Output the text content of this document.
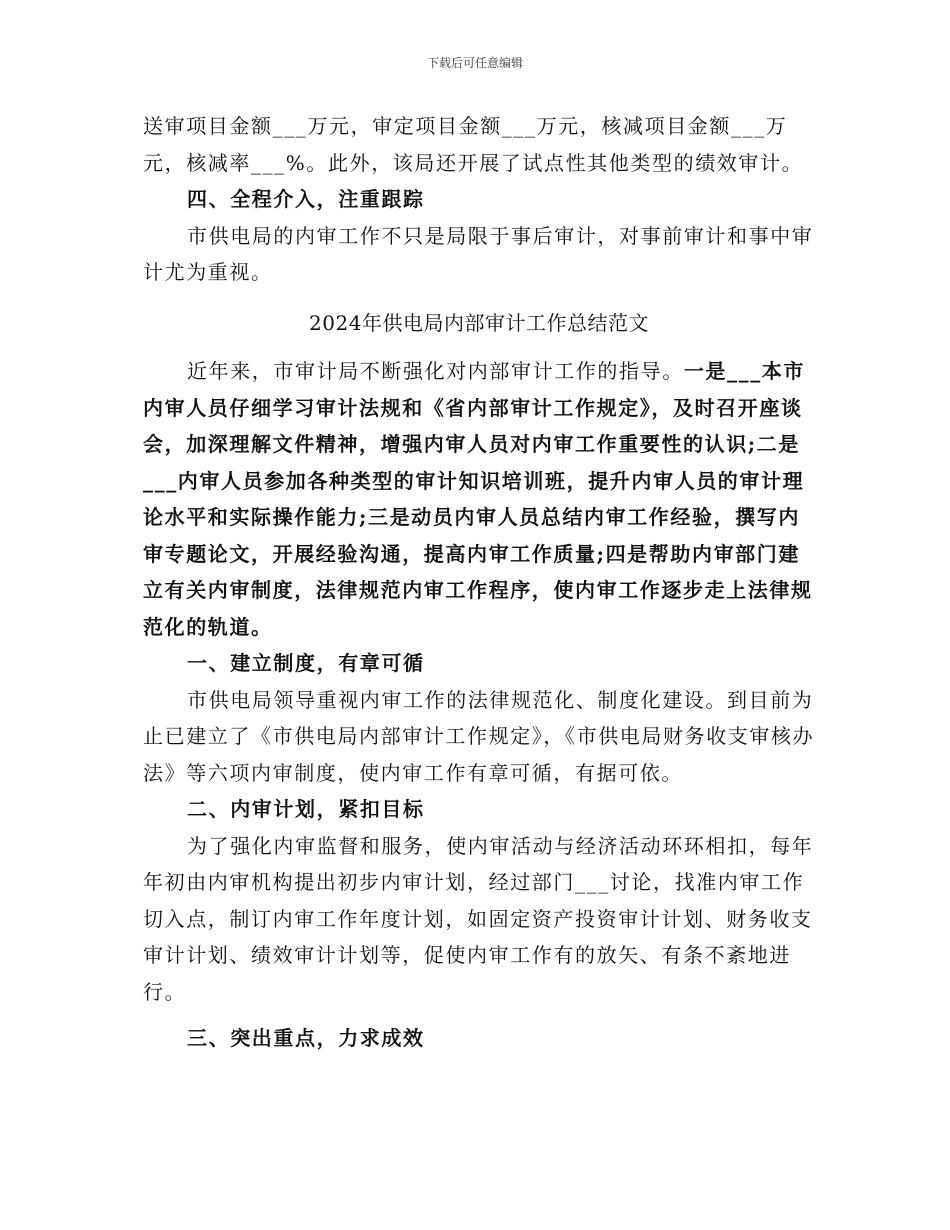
下载后可任意编辑

送审项目金额___万元，审定项目金额___万元，核减项目金额___万元，核减率___%。此外，该局还开展了试点性其他类型的绩效审计。

四、全程介入，注重跟踪

市供电局的内审工作不只是局限于事后审计，对事前审计和事中审计尤为重视。

2024年供电局内部审计工作总结范文

近年来，市审计局不断强化对内部审计工作的指导。一是___本市内审人员仔细学习审计法规和《省内部审计工作规定》，及时召开座谈会，加深理解文件精神，增强内审人员对内审工作重要性的认识;二是___内审人员参加各种类型的审计知识培训班，提升内审人员的审计理论水平和实际操作能力;三是动员内审人员总结内审工作经验，撰写内审专题论文，开展经验沟通，提高内审工作质量;四是帮助内审部门建立有关内审制度，法律规范内审工作程序，使内审工作逐步走上法律规范化的轨道。

一、建立制度，有章可循

市供电局领导重视内审工作的法律规范化、制度化建设。到目前为止已建立了《市供电局内部审计工作规定》，《市供电局财务收支审核办法》等六项内审制度，使内审工作有章可循，有据可依。

二、内审计划，紧扣目标

为了强化内审监督和服务，使内审活动与经济活动环环相扣，每年年初由内审机构提出初步内审计划，经过部门___讨论，找准内审工作切入点，制订内审工作年度计划，如固定资产投资审计计划、财务收支审计计划、绩效审计计划等，促使内审工作有的放矢、有条不紊地进行。

三、突出重点，力求成效
